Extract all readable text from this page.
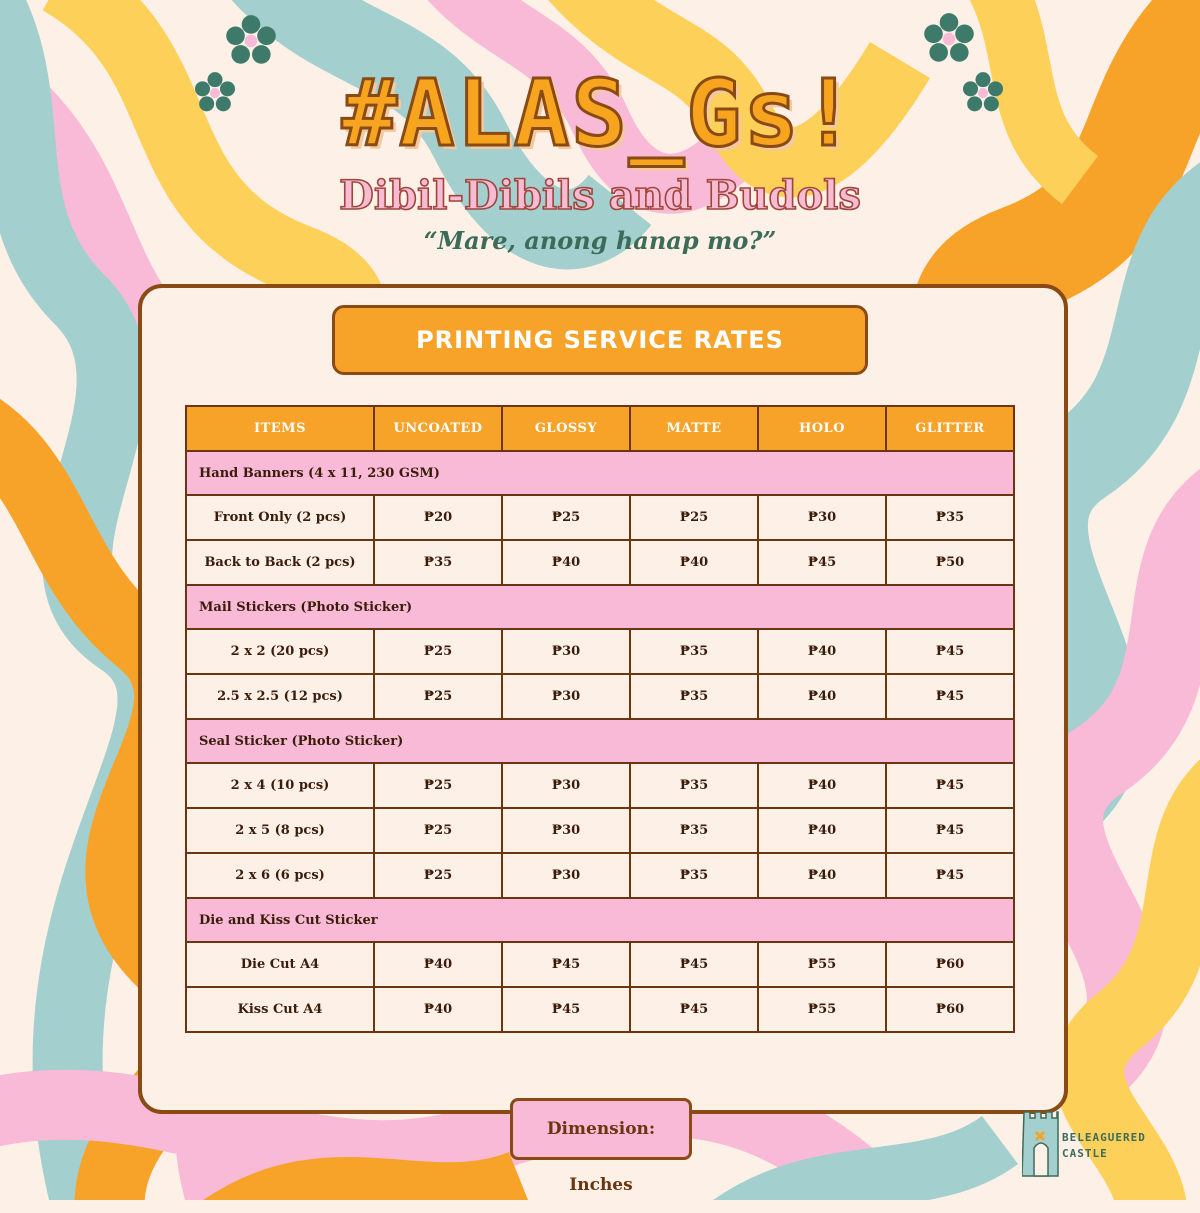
#ALAS_Gs!
Dibil-Dibils and Budols
“Mare, anong hanap mo?”
PRINTING SERVICE RATES
ITEMS	UNCOATED	GLOSSY	MATTE	HOLO	GLITTER
Hand Banners (4 x 11, 230 GSM)					
Front Only (2 pcs)	₱20	₱25	₱25	₱30	₱35
Back to Back (2 pcs)	₱35	₱40	₱40	₱45	₱50
Mail Stickers (Photo Sticker)					
2 x 2 (20 pcs)	₱25	₱30	₱35	₱40	₱45
2.5 x 2.5 (12 pcs)	₱25	₱30	₱35	₱40	₱45
Seal Sticker (Photo Sticker)					
2 x 4 (10 pcs)	₱25	₱30	₱35	₱40	₱45
2 x 5 (8 pcs)	₱25	₱30	₱35	₱40	₱45
2 x 6 (6 pcs)	₱25	₱30	₱35	₱40	₱45
Die and Kiss Cut Sticker					
Die Cut A4	₱40	₱45	₱45	₱55	₱60
Kiss Cut A4	₱40	₱45	₱45	₱55	₱60
Dimension: Inches
BELEAGUERED
CASTLE
